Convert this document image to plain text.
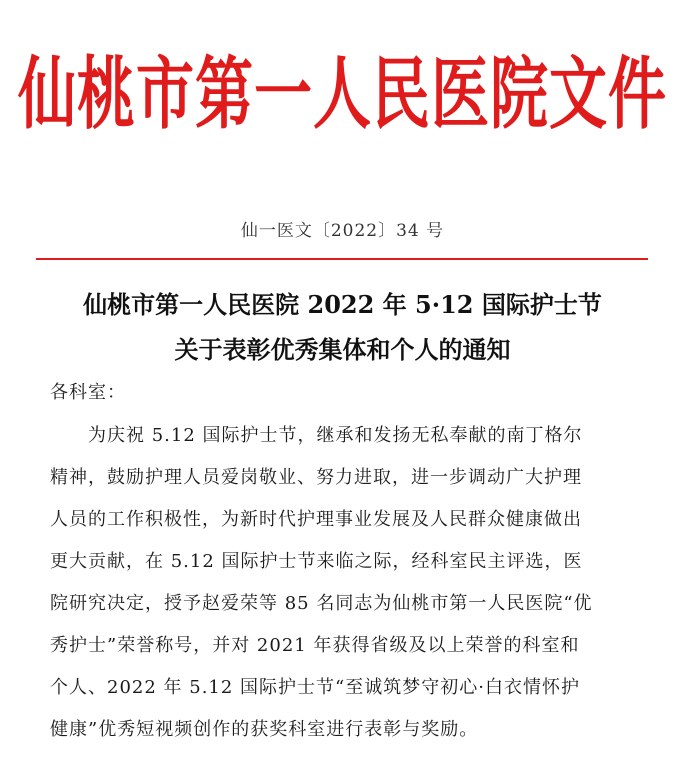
仙桃市第一人民医院文件
仙一医文〔2022〕34 号
仙桃市第一人民医院 2022 年 5·12 国际护士节
关于表彰优秀集体和个人的通知
各科室：
为庆祝 5.12 国际护士节，继承和发扬无私奉献的南丁格尔
精神，鼓励护理人员爱岗敬业、努力进取，进一步调动广大护理
人员的工作积极性，为新时代护理事业发展及人民群众健康做出
更大贡献，在 5.12 国际护士节来临之际，经科室民主评选，医
院研究决定，授予赵爱荣等 85 名同志为仙桃市第一人民医院“优
秀护士”荣誉称号，并对 2021 年获得省级及以上荣誉的科室和
个人、2022 年 5.12 国际护士节“至诚筑梦守初心·白衣情怀护
健康”优秀短视频创作的获奖科室进行表彰与奖励。
